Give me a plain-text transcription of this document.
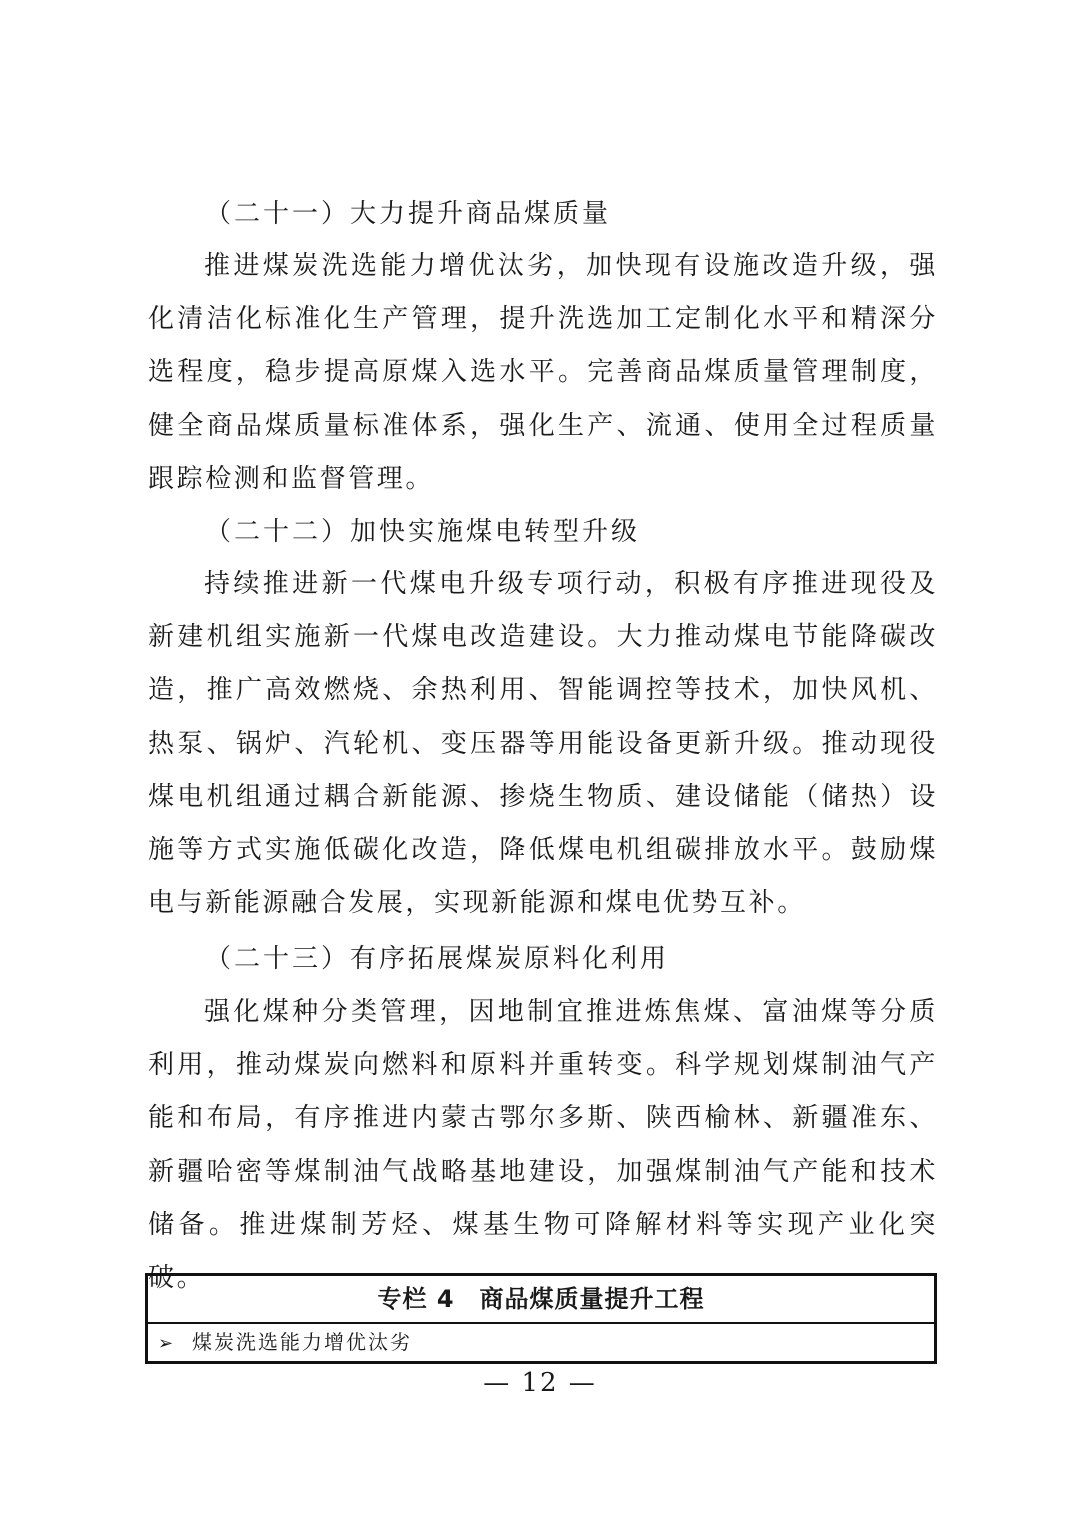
（二十一）大力提升商品煤质量

推进煤炭洗选能力增优汰劣，加快现有设施改造升级，强化清洁化标准化生产管理，提升洗选加工定制化水平和精深分选程度，稳步提高原煤入选水平。完善商品煤质量管理制度，健全商品煤质量标准体系，强化生产、流通、使用全过程质量跟踪检测和监督管理。

（二十二）加快实施煤电转型升级

持续推进新一代煤电升级专项行动，积极有序推进现役及新建机组实施新一代煤电改造建设。大力推动煤电节能降碳改造，推广高效燃烧、余热利用、智能调控等技术，加快风机、热泵、锅炉、汽轮机、变压器等用能设备更新升级。推动现役煤电机组通过耦合新能源、掺烧生物质、建设储能（储热）设施等方式实施低碳化改造，降低煤电机组碳排放水平。鼓励煤电与新能源融合发展，实现新能源和煤电优势互补。

（二十三）有序拓展煤炭原料化利用

强化煤种分类管理，因地制宜推进炼焦煤、富油煤等分质利用，推动煤炭向燃料和原料并重转变。科学规划煤制油气产能和布局，有序推进内蒙古鄂尔多斯、陕西榆林、新疆准东、新疆哈密等煤制油气战略基地建设，加强煤制油气产能和技术储备。推进煤制芳烃、煤基生物可降解材料等实现产业化突破。

专栏 4　商品煤质量提升工程
➢ 煤炭洗选能力增优汰劣
— 12 —
